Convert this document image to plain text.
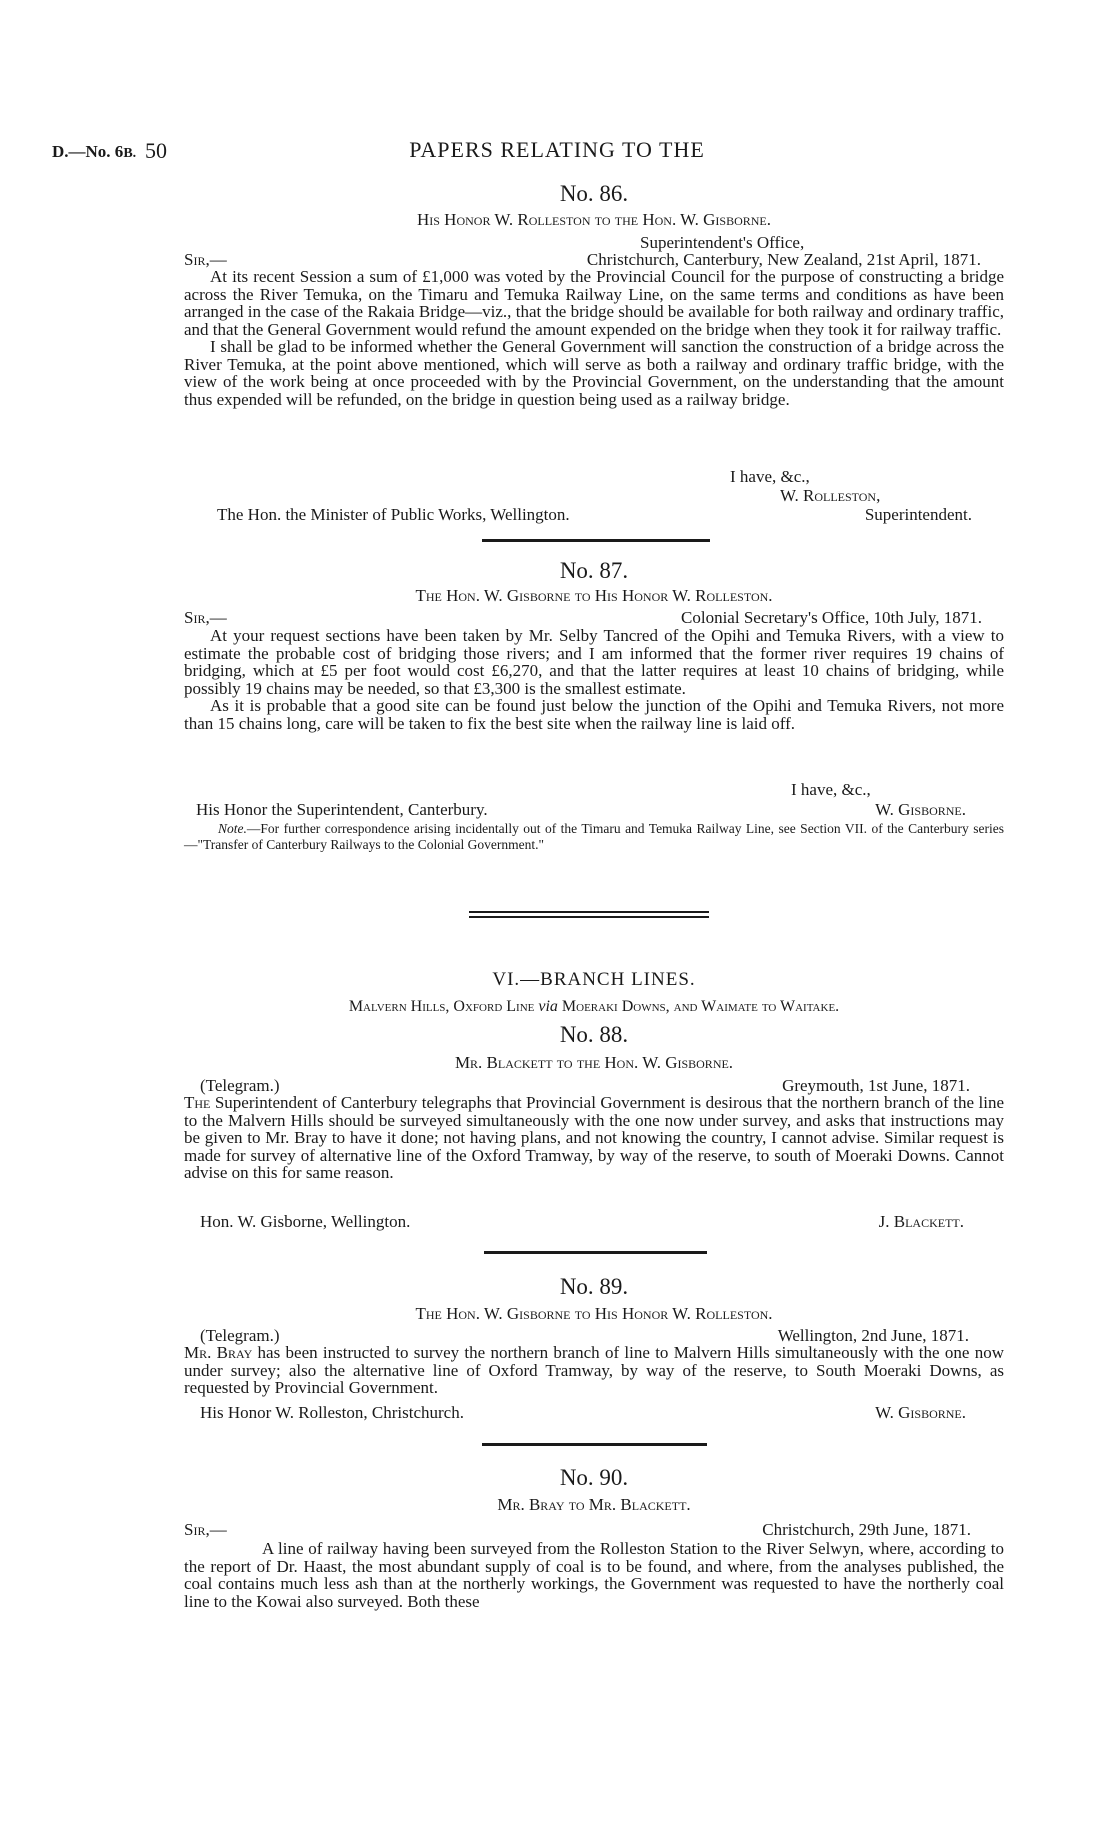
D.—No. 6B. 50	PAPERS RELATING TO THE
No. 86.
His Honor W. Rolleston to the Hon. W. Gisborne.
Superintendent's Office,
Sir,—	Christchurch, Canterbury, New Zealand, 21st April, 1871.

At its recent Session a sum of £1,000 was voted by the Provincial Council for the purpose of constructing a bridge across the River Temuka, on the Timaru and Temuka Railway Line, on the same terms and conditions as have been arranged in the case of the Rakaia Bridge—viz., that the bridge should be available for both railway and ordinary traffic, and that the General Government would refund the amount expended on the bridge when they took it for railway traffic.

I shall be glad to be informed whether the General Government will sanction the construction of a bridge across the River Temuka, at the point above mentioned, which will serve as both a railway and ordinary traffic bridge, with the view of the work being at once proceeded with by the Provincial Government, on the understanding that the amount thus expended will be refunded, on the bridge in question being used as a railway bridge.

I have, &c.,
W. Rolleston,
The Hon. the Minister of Public Works, Wellington.	Superintendent.
No. 87.
The Hon. W. Gisborne to His Honor W. Rolleston.
Sir,—	Colonial Secretary's Office, 10th July, 1871.

At your request sections have been taken by Mr. Selby Tancred of the Opihi and Temuka Rivers, with a view to estimate the probable cost of bridging those rivers; and I am informed that the former river requires 19 chains of bridging, which at £5 per foot would cost £6,270, and that the latter requires at least 10 chains of bridging, while possibly 19 chains may be needed, so that £3,300 is the smallest estimate.

As it is probable that a good site can be found just below the junction of the Opihi and Temuka Rivers, not more than 15 chains long, care will be taken to fix the best site when the railway line is laid off.

I have, &c.,
His Honor the Superintendent, Canterbury.	W. Gisborne.
Note.—For further correspondence arising incidentally out of the Timaru and Temuka Railway Line, see Section VII. of the Canterbury series—"Transfer of Canterbury Railways to the Colonial Government."
VI.—BRANCH LINES.
Malvern Hills, Oxford Line via Moeraki Downs, and Waimate to Waitake.
No. 88.
Mr. Blackett to the Hon. W. Gisborne.
(Telegram.)	Greymouth, 1st June, 1871.

The Superintendent of Canterbury telegraphs that Provincial Government is desirous that the northern branch of the line to the Malvern Hills should be surveyed simultaneously with the one now under survey, and asks that instructions may be given to Mr. Bray to have it done; not having plans, and not knowing the country, I cannot advise. Similar request is made for survey of alternative line of the Oxford Tramway, by way of the reserve, to south of Moeraki Downs. Cannot advise on this for same reason.

Hon. W. Gisborne, Wellington.	J. Blackett.
No. 89.
The Hon. W. Gisborne to His Honor W. Rolleston.
(Telegram.)	Wellington, 2nd June, 1871.

Mr. Bray has been instructed to survey the northern branch of line to Malvern Hills simultaneously with the one now under survey; also the alternative line of Oxford Tramway, by way of the reserve, to South Moeraki Downs, as requested by Provincial Government.

His Honor W. Rolleston, Christchurch.	W. Gisborne.
No. 90.
Mr. Bray to Mr. Blackett.
Sir,—	Christchurch, 29th June, 1871.

A line of railway having been surveyed from the Rolleston Station to the River Selwyn, where, according to the report of Dr. Haast, the most abundant supply of coal is to be found, and where, from the analyses published, the coal contains much less ash than at the northerly workings, the Government was requested to have the northerly coal line to the Kowai also surveyed. Both these
